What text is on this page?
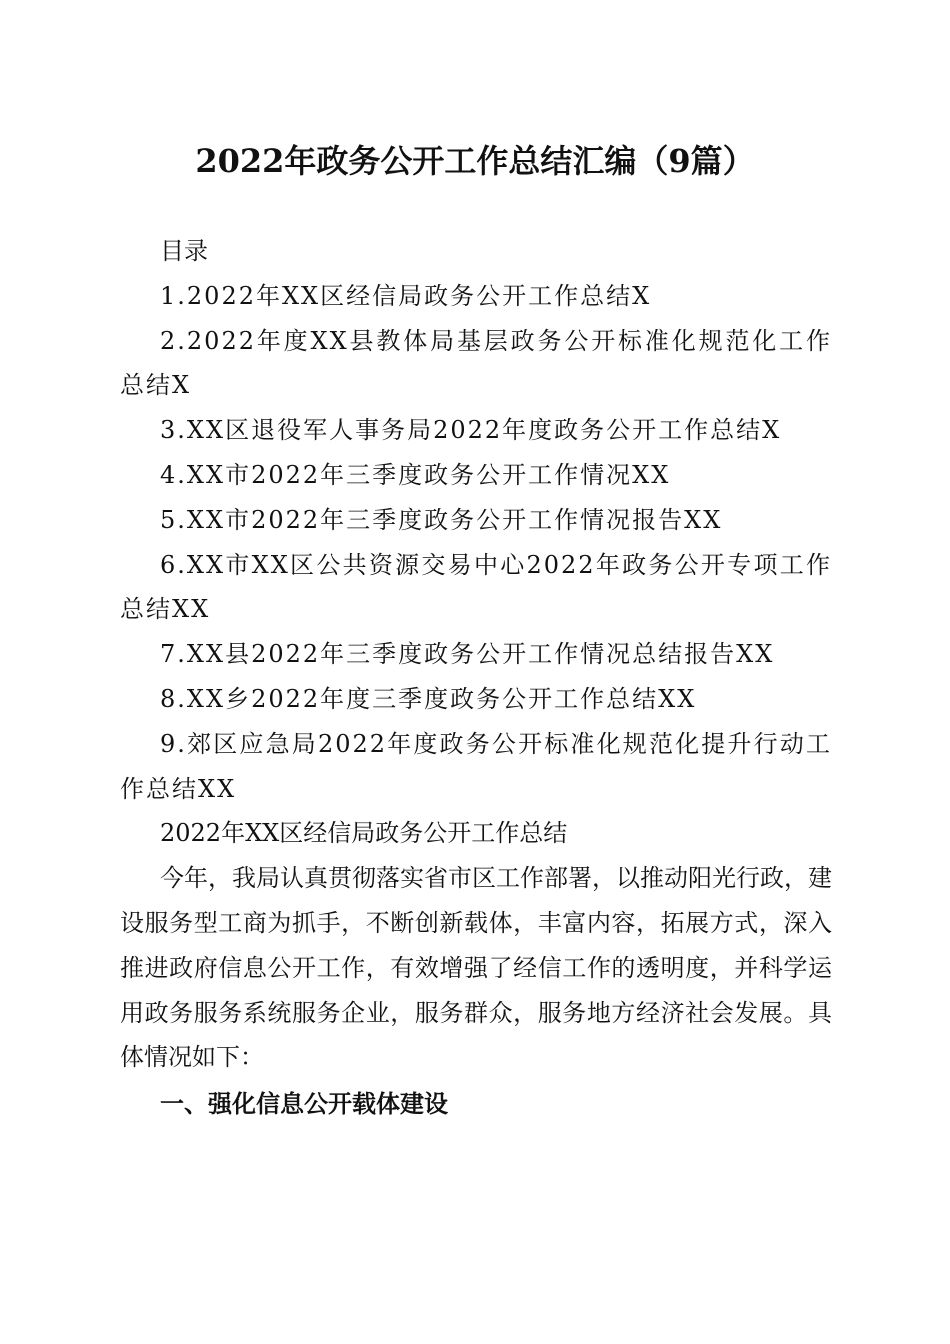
2022年政务公开工作总结汇编（9篇）

目录

1.2022年XX区经信局政务公开工作总结X

2.2022年度XX县教体局基层政务公开标准化规范化工作总结X

3.XX区退役军人事务局2022年度政务公开工作总结X

4.XX市2022年三季度政务公开工作情况XX

5.XX市2022年三季度政务公开工作情况报告XX

6.XX市XX区公共资源交易中心2022年政务公开专项工作总结XX

7.XX县2022年三季度政务公开工作情况总结报告XX

8.XX乡2022年度三季度政务公开工作总结XX

9.郊区应急局2022年度政务公开标准化规范化提升行动工作总结XX

2022年XX区经信局政务公开工作总结

今年，我局认真贯彻落实省市区工作部署，以推动阳光行政，建设服务型工商为抓手，不断创新载体，丰富内容，拓展方式，深入推进政府信息公开工作，有效增强了经信工作的透明度，并科学运用政务服务系统服务企业，服务群众，服务地方经济社会发展。具体情况如下：

一、强化信息公开载体建设
